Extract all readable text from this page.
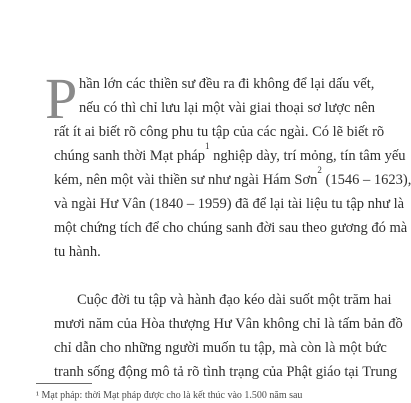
P hần lớn các thiền sư đều ra đi không để lại dấu vết,
nếu có thì chỉ lưu lại một vài giai thoại sơ lược nên
rất ít ai biết rõ công phu tu tập của các ngài. Có lẽ biết rõ
chúng sanh thời Mạt pháp$^1$ nghiệp dày, trí mỏng, tín tâm yếu
kém, nên một vài thiền sư như ngài Hám Sơn$^2$ (1546 – 1623),
và ngài Hư Vân (1840 – 1959) đã để lại tài liệu tu tập như là
một chứng tích để cho chúng sanh đời sau theo gương đó mà
tu hành.
Cuộc đời tu tập và hành đạo kéo dài suốt một trăm hai
mươi năm của Hòa thượng Hư Vân không chỉ là tấm bản đồ
chỉ dẫn cho những người muốn tu tập, mà còn là một bức
tranh sống động mô tả rõ tình trạng của Phật giáo tại Trung
¹ Mạt pháp: thời Mạt pháp được cho là kết thúc vào 1.500 năm sau
